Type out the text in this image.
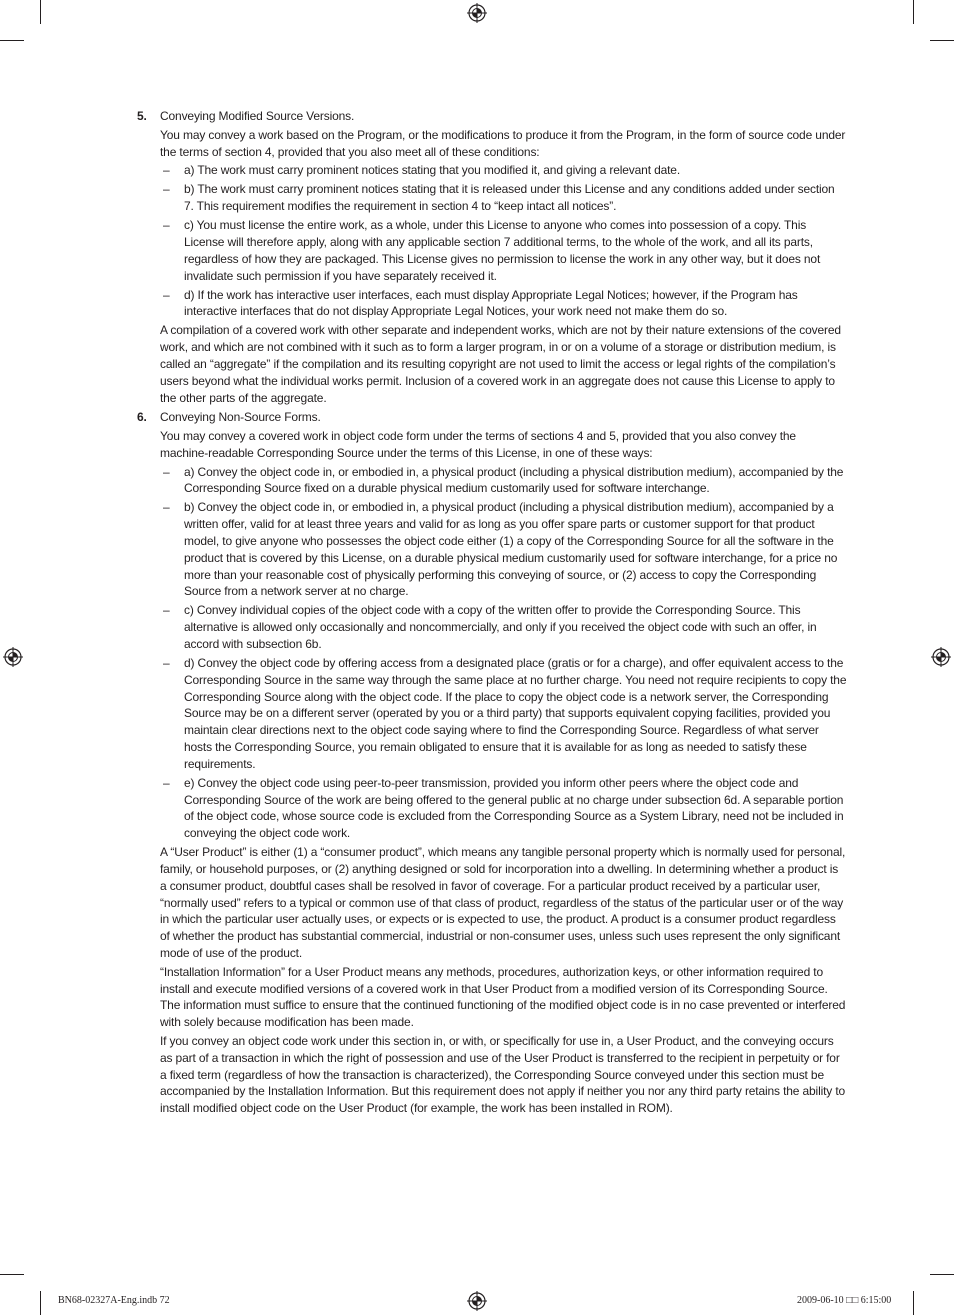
5. Conveying Modified Source Versions.

You may convey a work based on the Program, or the modifications to produce it from the Program, in the form of source code under the terms of section 4, provided that you also meet all of these conditions:

– a) The work must carry prominent notices stating that you modified it, and giving a relevant date.
– b) The work must carry prominent notices stating that it is released under this License and any conditions added under section 7. This requirement modifies the requirement in section 4 to “keep intact all notices”.
– c) You must license the entire work, as a whole, under this License to anyone who comes into possession of a copy. This License will therefore apply, along with any applicable section 7 additional terms, to the whole of the work, and all its parts, regardless of how they are packaged. This License gives no permission to license the work in any other way, but it does not invalidate such permission if you have separately received it.
– d) If the work has interactive user interfaces, each must display Appropriate Legal Notices; however, if the Program has interactive interfaces that do not display Appropriate Legal Notices, your work need not make them do so.

A compilation of a covered work with other separate and independent works, which are not by their nature extensions of the covered work, and which are not combined with it such as to form a larger program, in or on a volume of a storage or distribution medium, is called an “aggregate” if the compilation and its resulting copyright are not used to limit the access or legal rights of the compilation’s users beyond what the individual works permit. Inclusion of a covered work in an aggregate does not cause this License to apply to the other parts of the aggregate.

6. Conveying Non-Source Forms.

You may convey a covered work in object code form under the terms of sections 4 and 5, provided that you also convey the machine-readable Corresponding Source under the terms of this License, in one of these ways:

– a) Convey the object code in, or embodied in, a physical product (including a physical distribution medium), accompanied by the Corresponding Source fixed on a durable physical medium customarily used for software interchange.
– b) Convey the object code in, or embodied in, a physical product (including a physical distribution medium), accompanied by a written offer, valid for at least three years and valid for as long as you offer spare parts or customer support for that product model, to give anyone who possesses the object code either (1) a copy of the Corresponding Source for all the software in the product that is covered by this License, on a durable physical medium customarily used for software interchange, for a price no more than your reasonable cost of physically performing this conveying of source, or (2) access to copy the Corresponding Source from a network server at no charge.
– c) Convey individual copies of the object code with a copy of the written offer to provide the Corresponding Source. This alternative is allowed only occasionally and noncommercially, and only if you received the object code with such an offer, in accord with subsection 6b.
– d) Convey the object code by offering access from a designated place (gratis or for a charge), and offer equivalent access to the Corresponding Source in the same way through the same place at no further charge. You need not require recipients to copy the Corresponding Source along with the object code. If the place to copy the object code is a network server, the Corresponding Source may be on a different server (operated by you or a third party) that supports equivalent copying facilities, provided you maintain clear directions next to the object code saying where to find the Corresponding Source. Regardless of what server hosts the Corresponding Source, you remain obligated to ensure that it is available for as long as needed to satisfy these requirements.
– e) Convey the object code using peer-to-peer transmission, provided you inform other peers where the object code and Corresponding Source of the work are being offered to the general public at no charge under subsection 6d. A separable portion of the object code, whose source code is excluded from the Corresponding Source as a System Library, need not be included in conveying the object code work.

A “User Product” is either (1) a “consumer product”, which means any tangible personal property which is normally used for personal, family, or household purposes, or (2) anything designed or sold for incorporation into a dwelling. In determining whether a product is a consumer product, doubtful cases shall be resolved in favor of coverage. For a particular product received by a particular user, “normally used” refers to a typical or common use of that class of product, regardless of the status of the particular user or of the way in which the particular user actually uses, or expects or is expected to use, the product. A product is a consumer product regardless of whether the product has substantial commercial, industrial or non-consumer uses, unless such uses represent the only significant mode of use of the product.

“Installation Information” for a User Product means any methods, procedures, authorization keys, or other information required to install and execute modified versions of a covered work in that User Product from a modified version of its Corresponding Source. The information must suffice to ensure that the continued functioning of the modified object code is in no case prevented or interfered with solely because modification has been made.

If you convey an object code work under this section in, or with, or specifically for use in, a User Product, and the conveying occurs as part of a transaction in which the right of possession and use of the User Product is transferred to the recipient in perpetuity or for a fixed term (regardless of how the transaction is characterized), the Corresponding Source conveyed under this section must be accompanied by the Installation Information. But this requirement does not apply if neither you nor any third party retains the ability to install modified object code on the User Product (for example, the work has been installed in ROM).

BN68-02327A-Eng.indb 72	2009-06-10 □□ 6:15:00
